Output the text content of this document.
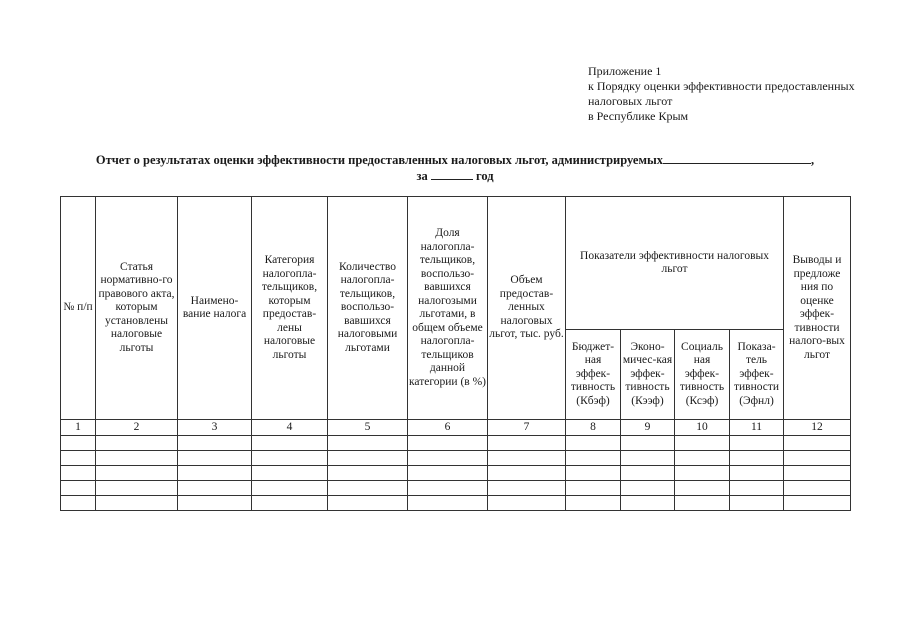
Приложение 1
к Порядку оценки эффективности предоставленных
налоговых льгот
в Республике Крым
Отчет о результатах оценки эффективности предоставленных налоговых льгот, администрируемых	,
за	год
№ п/п	Статья нормативно-го правового акта, которым установлены налоговые льготы	Наимено-вание налога	Категория налогопла-тельщиков, которым предостав-лены налоговые льготы	Количество налогопла-тельщиков, воспользо-вавшихся налоговыми льготами	Доля налогопла-тельщиков, воспользо-вавшихся налогозыми льготами, в общем объеме налогопла-тельщиков данной категории (в %)	Объем предостав-ленных налоговых льгот, тыс. руб.	Показатели эффективности налоговых льгот				Выводы и предложе ния по оценке эффек-тивности налого-вых льгот

							Бюджет-ная эффек-тивность (Кбэф)	Эконо-мичес-кая эффек-тивность (Кээф)	Социаль ная эффек-тивность (Ксэф)	Показа-тель эффек-тивности (Эфнл)	

1	2	3	4	5	6	7	8	9	10	11	12
